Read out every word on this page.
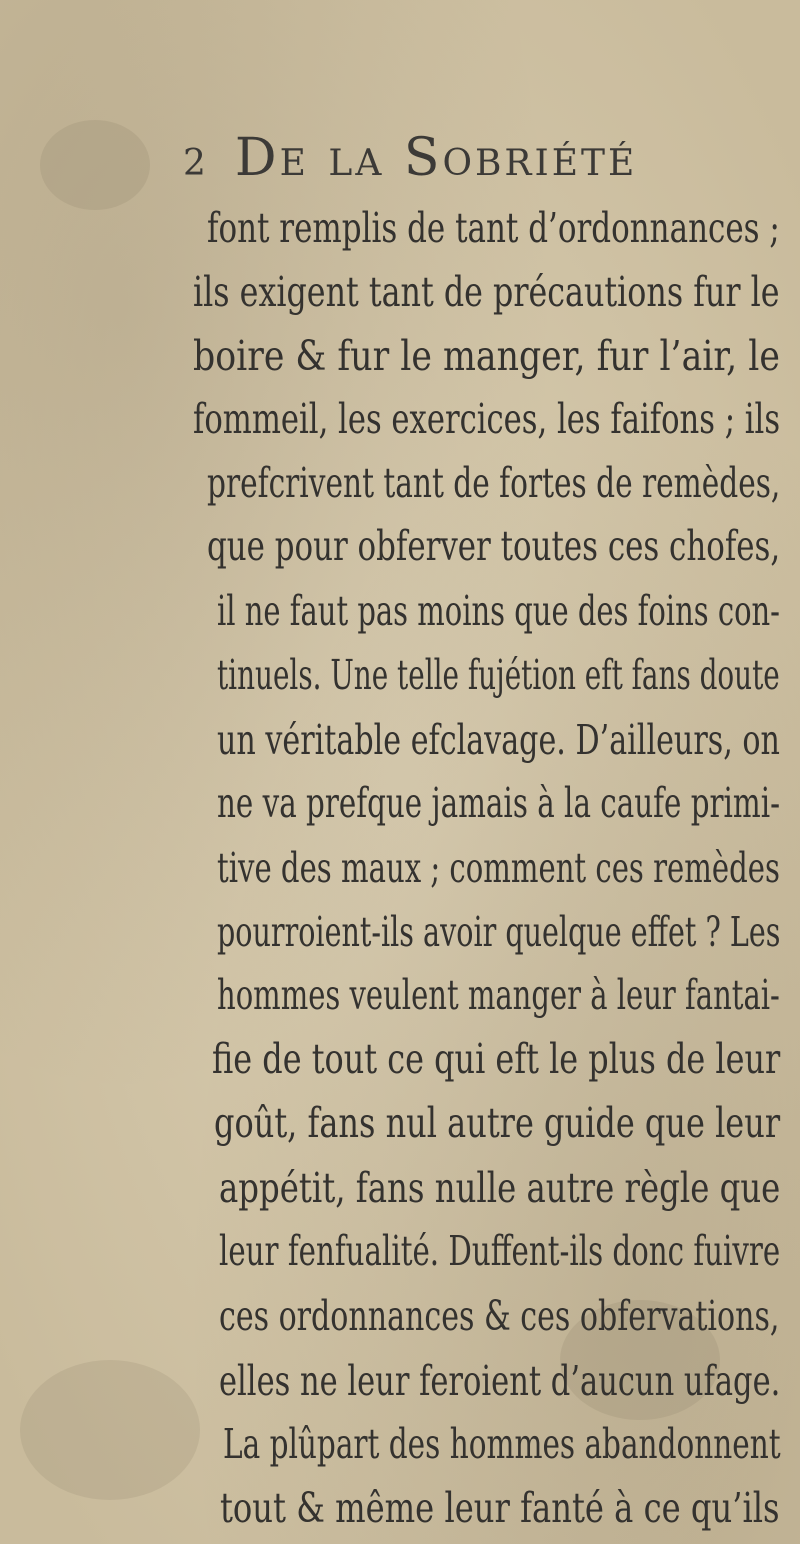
2 De la Sobriété
font remplis de tant d’ordonnances ;
ils exigent tant de précautions fur le
boire & fur le manger, fur l’air, le
fommeil, les exercices, les faifons ; ils
prefcrivent tant de fortes de remèdes,
que pour obferver toutes ces chofes,
il ne faut pas moins que des foins con-
tinuels. Une telle fujétion eft fans doute
un véritable efclavage. D’ailleurs, on
ne va prefque jamais à la caufe primi-
tive des maux ; comment ces remèdes
pourroient-ils avoir quelque effet ? Les
hommes veulent manger à leur fantai-
fie de tout ce qui eft le plus de leur
goût, fans nul autre guide que leur
appétit, fans nulle autre règle que
leur fenfualité. Duffent-ils donc fuivre
ces ordonnances & ces obfervations,
elles ne leur feroient d’aucun ufage.
La plûpart des hommes abandonnent
tout & même leur fanté à ce qu’ils
